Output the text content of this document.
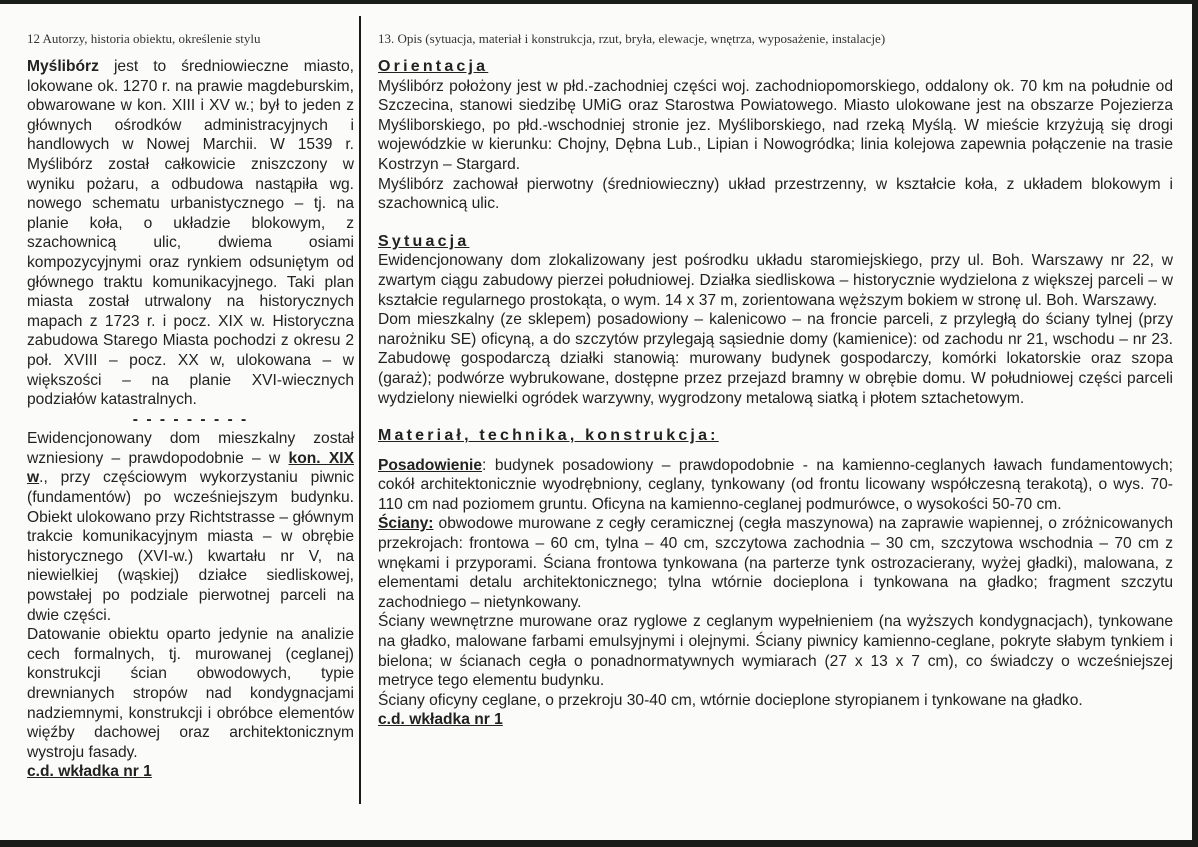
12 Autorzy, historia obiektu, określenie stylu

Myślibórz jest to średniowieczne miasto, lokowane ok. 1270 r. na prawie magdeburskim, obwarowane w kon. XIII i XV w.; był to jeden z głównych ośrodków administracyjnych i handlowych w Nowej Marchii. W 1539 r. Myślibórz został całkowicie zniszczony w wyniku pożaru, a odbudowa nastąpiła wg. nowego schematu urbanistycznego – tj. na planie koła, o układzie blokowym, z szachownicą ulic, dwiema osiami kompozycyjnymi oraz rynkiem odsuniętym od głównego traktu komunikacyjnego. Taki plan miasta został utrwalony na historycznych mapach z 1723 r. i pocz. XIX w. Historyczna zabudowa Starego Miasta pochodzi z okresu 2 poł. XVIII – pocz. XX w, ulokowana – w większości – na planie XVI-wiecznych podziałów katastralnych.

- - - - - - - - -

Ewidencjonowany dom mieszkalny został wzniesiony – prawdopodobnie – w kon. XIX w., przy częściowym wykorzystaniu piwnic (fundamentów) po wcześniejszym budynku. Obiekt ulokowano przy Richtstrasse – głównym trakcie komunikacyjnym miasta – w obrębie historycznego (XVI-w.) kwartału nr V, na niewielkiej (wąskiej) działce siedliskowej, powstałej po podziale pierwotnej parceli na dwie części.

Datowanie obiektu oparto jedynie na analizie cech formalnych, tj. murowanej (ceglanej) konstrukcji ścian obwodowych, typie drewnianych stropów nad kondygnacjami nadziemnymi, konstrukcji i obróbce elementów więźby dachowej oraz architektonicznym wystroju fasady.

c.d. wkładka nr 1
13. Opis (sytuacja, materiał i konstrukcja, rzut, bryła, elewacje, wnętrza, wyposażenie, instalacje)
Orientacja

Myślibórz położony jest w płd.-zachodniej części woj. zachodniopomorskiego, oddalony ok. 70 km na południe od Szczecina, stanowi siedzibę UMiG oraz Starostwa Powiatowego. Miasto ulokowane jest na obszarze Pojezierza Myśliborskiego, po płd.-wschodniej stronie jez. Myśliborskiego, nad rzeką Myślą. W mieście krzyżują się drogi wojewódzkie w kierunku: Chojny, Dębna Lub., Lipian i Nowogródka; linia kolejowa zapewnia połączenie na trasie Kostrzyn – Stargard.

Myślibórz zachował pierwotny (średniowieczny) układ przestrzenny, w kształcie koła, z układem blokowym i szachownicą ulic.

Sytuacja

Ewidencjonowany dom zlokalizowany jest pośrodku układu staromiejskiego, przy ul. Boh. Warszawy nr 22, w zwartym ciągu zabudowy pierzei południowej. Działka siedliskowa – historycznie wydzielona z większej parceli – w kształcie regularnego prostokąta, o wym. 14 x 37 m, zorientowana węższym bokiem w stronę ul. Boh. Warszawy.

Dom mieszkalny (ze sklepem) posadowiony – kalenicowo – na froncie parceli, z przyległą do ściany tylnej (przy narożniku SE) oficyną, a do szczytów przylegają sąsiednie domy (kamienice): od zachodu nr 21, wschodu – nr 23. Zabudowę gospodarczą działki stanowią: murowany budynek gospodarczy, komórki lokatorskie oraz szopa (garaż); podwórze wybrukowane, dostępne przez przejazd bramny w obrębie domu. W południowej części parceli wydzielony niewielki ogródek warzywny, wygrodzony metalową siatką i płotem sztachetowym.

Materiał, technika, konstrukcja:

Posadowienie: budynek posadowiony – prawdopodobnie - na kamienno-ceglanych ławach fundamentowych; cokół architektonicznie wyodrębniony, ceglany, tynkowany (od frontu licowany współczesną terakotą), o wys. 70-110 cm nad poziomem gruntu. Oficyna na kamienno-ceglanej podmurówce, o wysokości 50-70 cm.

Ściany: obwodowe murowane z cegły ceramicznej (cegła maszynowa) na zaprawie wapiennej, o zróżnicowanych przekrojach: frontowa – 60 cm, tylna – 40 cm, szczytowa zachodnia – 30 cm, szczytowa wschodnia – 70 cm z wnękami i przyporami. Ściana frontowa tynkowana (na parterze tynk ostrozacierany, wyżej gładki), malowana, z elementami detalu architektonicznego; tylna wtórnie docieplona i tynkowana na gładko; fragment szczytu zachodniego – nietynkowany.

Ściany wewnętrzne murowane oraz ryglowe z ceglanym wypełnieniem (na wyższych kondygnacjach), tynkowane na gładko, malowane farbami emulsyjnymi i olejnymi. Ściany piwnicy kamienno-ceglane, pokryte słabym tynkiem i bielona; w ścianach cegła o ponadnormatywnych wymiarach (27 x 13 x 7 cm), co świadczy o wcześniejszej metryce tego elementu budynku.

Ściany oficyny ceglane, o przekroju 30-40 cm, wtórnie docieplone styropianem i tynkowane na gładko.

c.d. wkładka nr 1
